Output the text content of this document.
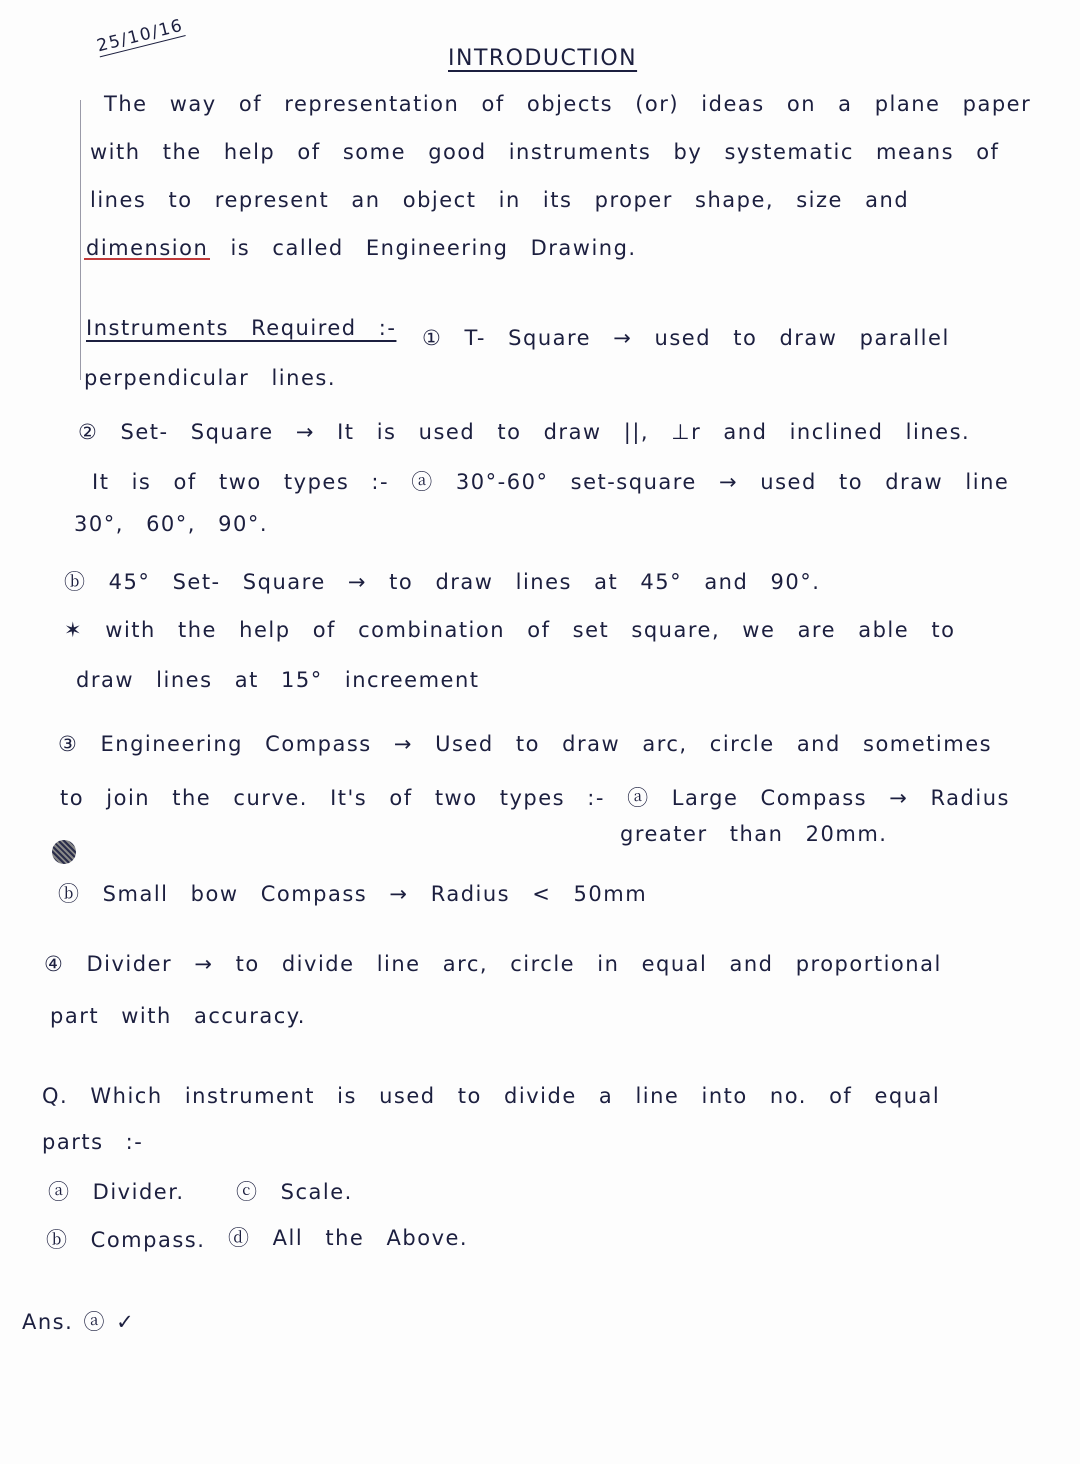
25/10/16
INTRODUCTION
The way of representation of objects (or) ideas on a plane paper
with the help of some good instruments by systematic means of
lines to represent an object in its proper shape, size and
dimension is called Engineering Drawing.
Instruments Required :- ① T- Square → used to draw parallel
perpendicular lines.
② Set- Square → It is used to draw ||, ⊥r and inclined lines.
It is of two types :- ⓐ 30°-60° set-square → used to draw line
30°, 60°, 90°.
ⓑ 45° Set- Square → to draw lines at 45° and 90°.
✶ with the help of combination of set square, we are able to
draw lines at 15° increement
③ Engineering Compass → Used to draw arc, circle and sometimes
to join the curve. It's of two types :- ⓐ Large Compass → Radius
greater than 20mm.
ⓑ Small bow Compass → Radius < 50mm
④ Divider → to divide line arc, circle in equal and proportional
part with accuracy.
Q. Which instrument is used to divide a line into no. of equal
parts :-
ⓐ Divider. ⓒ Scale.
ⓑ Compass. ⓓ All the Above.
Ans. ⓐ ✓
